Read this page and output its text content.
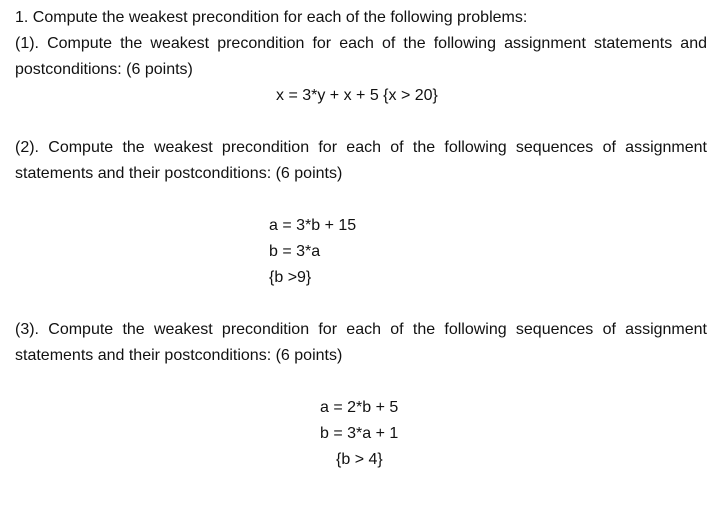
1. Compute the weakest precondition for each of the following problems:
(1). Compute the weakest precondition for each of the following assignment statements and
postconditions: (6 points)
x = 3*y + x + 5 {x > 20}
(2). Compute the weakest precondition for each of the following sequences of assignment
statements and their postconditions: (6 points)
a = 3*b + 15
b = 3*a
{b >9}
(3). Compute the weakest precondition for each of the following sequences of assignment
statements and their postconditions: (6 points)
a = 2*b + 5
b = 3*a + 1
{b > 4}
